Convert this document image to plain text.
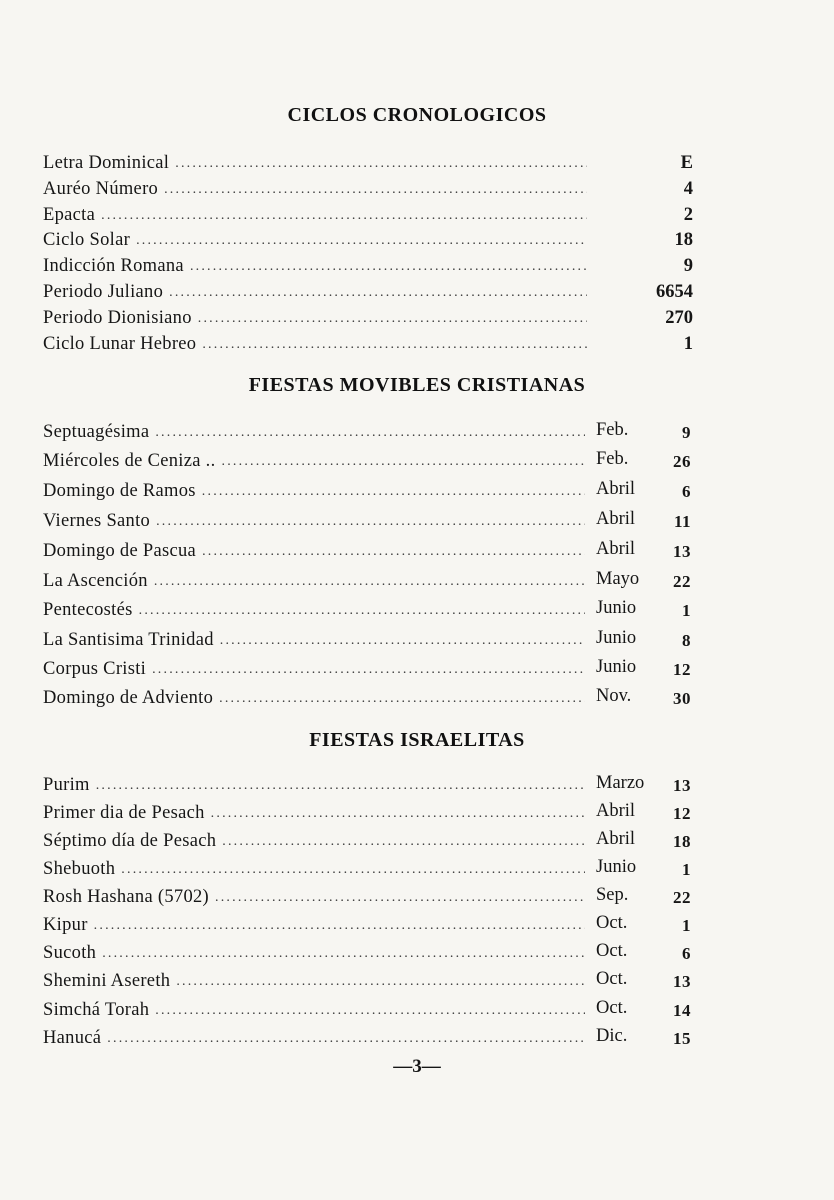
CICLOS CRONOLOGICOS
Letra Dominical .....	E
Auréo Número .....	4
Epacta .....	2
Ciclo Solar .....	18
Indicción Romana .....	9
Periodo Juliano .....	6654
Periodo Dionisiano .....	270
Ciclo Lunar Hebreo .....	1
FIESTAS MOVIBLES CRISTIANAS
Septuagésima .....	Feb.	9
Miércoles de Ceniza .. .....	Feb.	26
Domingo de Ramos .....	Abril	6
Viernes Santo .....	Abril	11
Domingo de Pascua .....	Abril	13
La Ascención .....	Mayo	22
Pentecostés .....	Junio	1
La Santisima Trinidad .....	Junio	8
Corpus Cristi .....	Junio	12
Domingo de Adviento .....	Nov.	30
FIESTAS ISRAELITAS
Purim .....	Marzo	13
Primer dia de Pesach .....	Abril	12
Séptimo día de Pesach .....	Abril	18
Shebuoth .....	Junio	1
Rosh Hashana (5702) .....	Sep.	22
Kipur .....	Oct.	1
Sucoth .....	Oct.	6
Shemini Asereth .....	Oct.	13
Simchá Torah .....	Oct.	14
Hanucá .....	Dic.	15
—3—
